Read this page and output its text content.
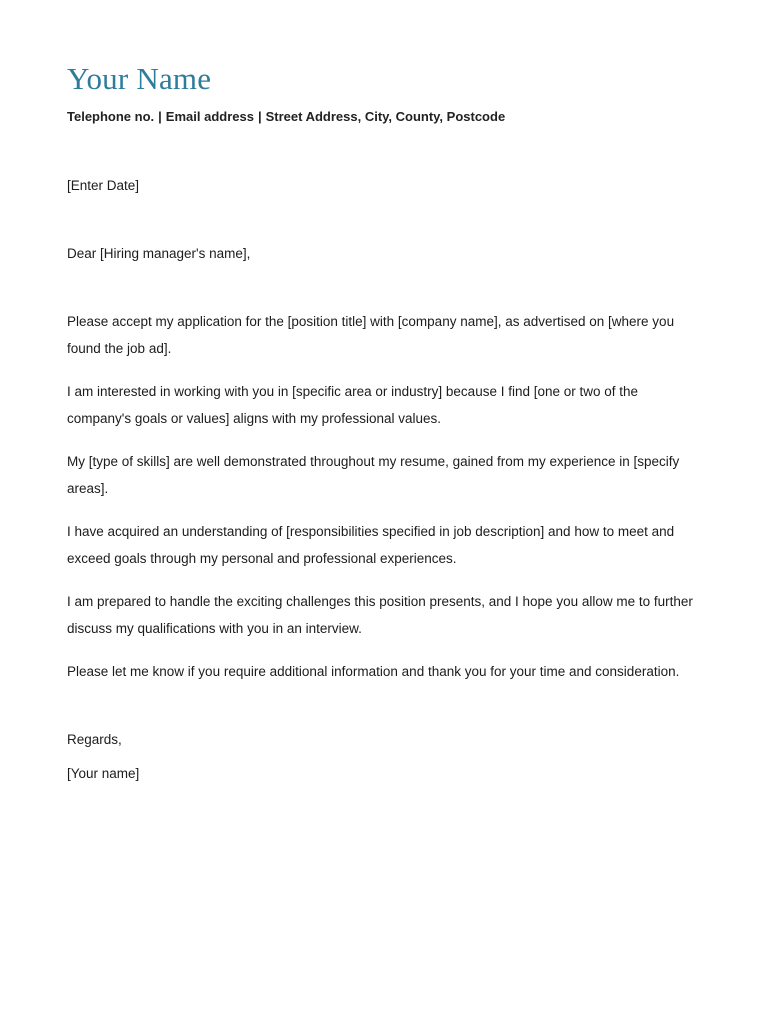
Your Name
Telephone no. | Email address | Street Address, City, County, Postcode

[Enter Date]

Dear [Hiring manager's name],

Please accept my application for the [position title] with [company name], as advertised on [where you found the job ad].

I am interested in working with you in [specific area or industry] because I find [one or two of the company's goals or values] aligns with my professional values.

My [type of skills] are well demonstrated throughout my resume, gained from my experience in [specify areas].

I have acquired an understanding of [responsibilities specified in job description] and how to meet and exceed goals through my personal and professional experiences.

I am prepared to handle the exciting challenges this position presents, and I hope you allow me to further discuss my qualifications with you in an interview.

Please let me know if you require additional information and thank you for your time and consideration.

Regards,

[Your name]
